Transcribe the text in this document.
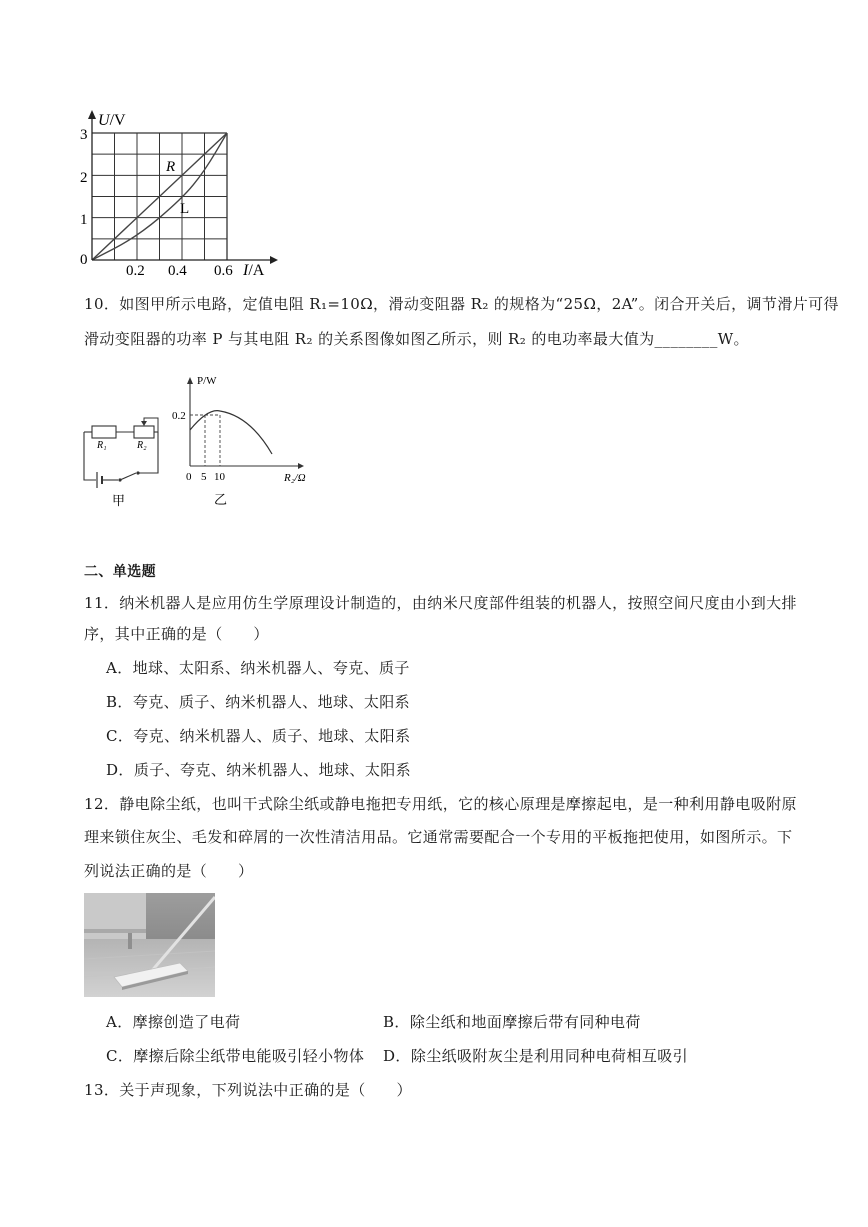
U/V
I/A
3
2
1
0
0.2 0.4 0.6
R
L
10．如图甲所示电路，定值电阻 R₁=10Ω，滑动变阻器 R₂ 的规格为“25Ω，2A”。闭合开关后，调节滑片可得
滑动变阻器的功率 P 与其电阻 R₂ 的关系图像如图乙所示，则 R₂ 的电功率最大值为________W。
R₁	R₂
甲
P/W
0.2
0 5 10	R₂/Ω
乙
二、单选题
11．纳米机器人是应用仿生学原理设计制造的，由纳米尺度部件组装的机器人，按照空间尺度由小到大排
序，其中正确的是（　　）
A．地球、太阳系、纳米机器人、夸克、质子
B．夸克、质子、纳米机器人、地球、太阳系
C．夸克、纳米机器人、质子、地球、太阳系
D．质子、夸克、纳米机器人、地球、太阳系
12．静电除尘纸，也叫干式除尘纸或静电拖把专用纸，它的核心原理是摩擦起电，是一种利用静电吸附原
理来锁住灰尘、毛发和碎屑的一次性清洁用品。它通常需要配合一个专用的平板拖把使用，如图所示。下
列说法正确的是（　　）
A．摩擦创造了电荷	B．除尘纸和地面摩擦后带有同种电荷
C．摩擦后除尘纸带电能吸引轻小物体 D．除尘纸吸附灰尘是利用同种电荷相互吸引
13．关于声现象，下列说法中正确的是（　　）
